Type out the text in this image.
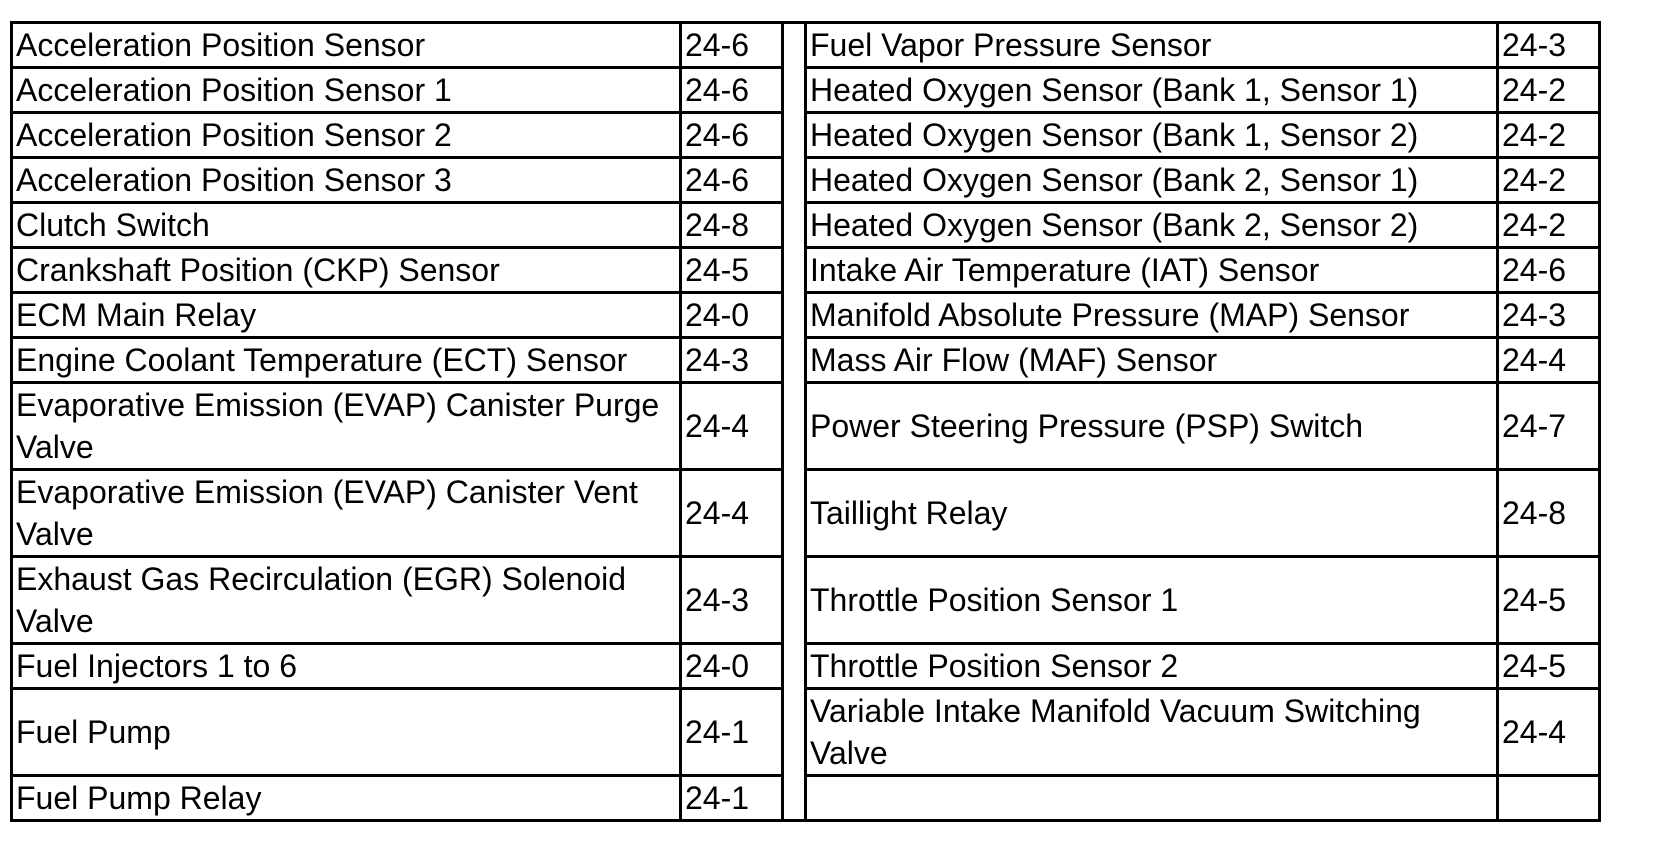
Acceleration Position Sensor	24-6		Fuel Vapor Pressure Sensor	24-3
Acceleration Position Sensor 1	24-6		Heated Oxygen Sensor (Bank 1, Sensor 1)	24-2
Acceleration Position Sensor 2	24-6		Heated Oxygen Sensor (Bank 1, Sensor 2)	24-2
Acceleration Position Sensor 3	24-6		Heated Oxygen Sensor (Bank 2, Sensor 1)	24-2
Clutch Switch	24-8		Heated Oxygen Sensor (Bank 2, Sensor 2)	24-2
Crankshaft Position (CKP) Sensor	24-5		Intake Air Temperature (IAT) Sensor	24-6
ECM Main Relay	24-0		Manifold Absolute Pressure (MAP) Sensor	24-3
Engine Coolant Temperature (ECT) Sensor	24-3		Mass Air Flow (MAF) Sensor	24-4
Evaporative Emission (EVAP) Canister Purge Valve	24-4		Power Steering Pressure (PSP) Switch	24-7
Evaporative Emission (EVAP) Canister Vent Valve	24-4		Taillight Relay	24-8
Exhaust Gas Recirculation (EGR) Solenoid Valve	24-3		Throttle Position Sensor 1	24-5
Fuel Injectors 1 to 6	24-0		Throttle Position Sensor 2	24-5
Fuel Pump	24-1		Variable Intake Manifold Vacuum Switching Valve	24-4
Fuel Pump Relay	24-1			
